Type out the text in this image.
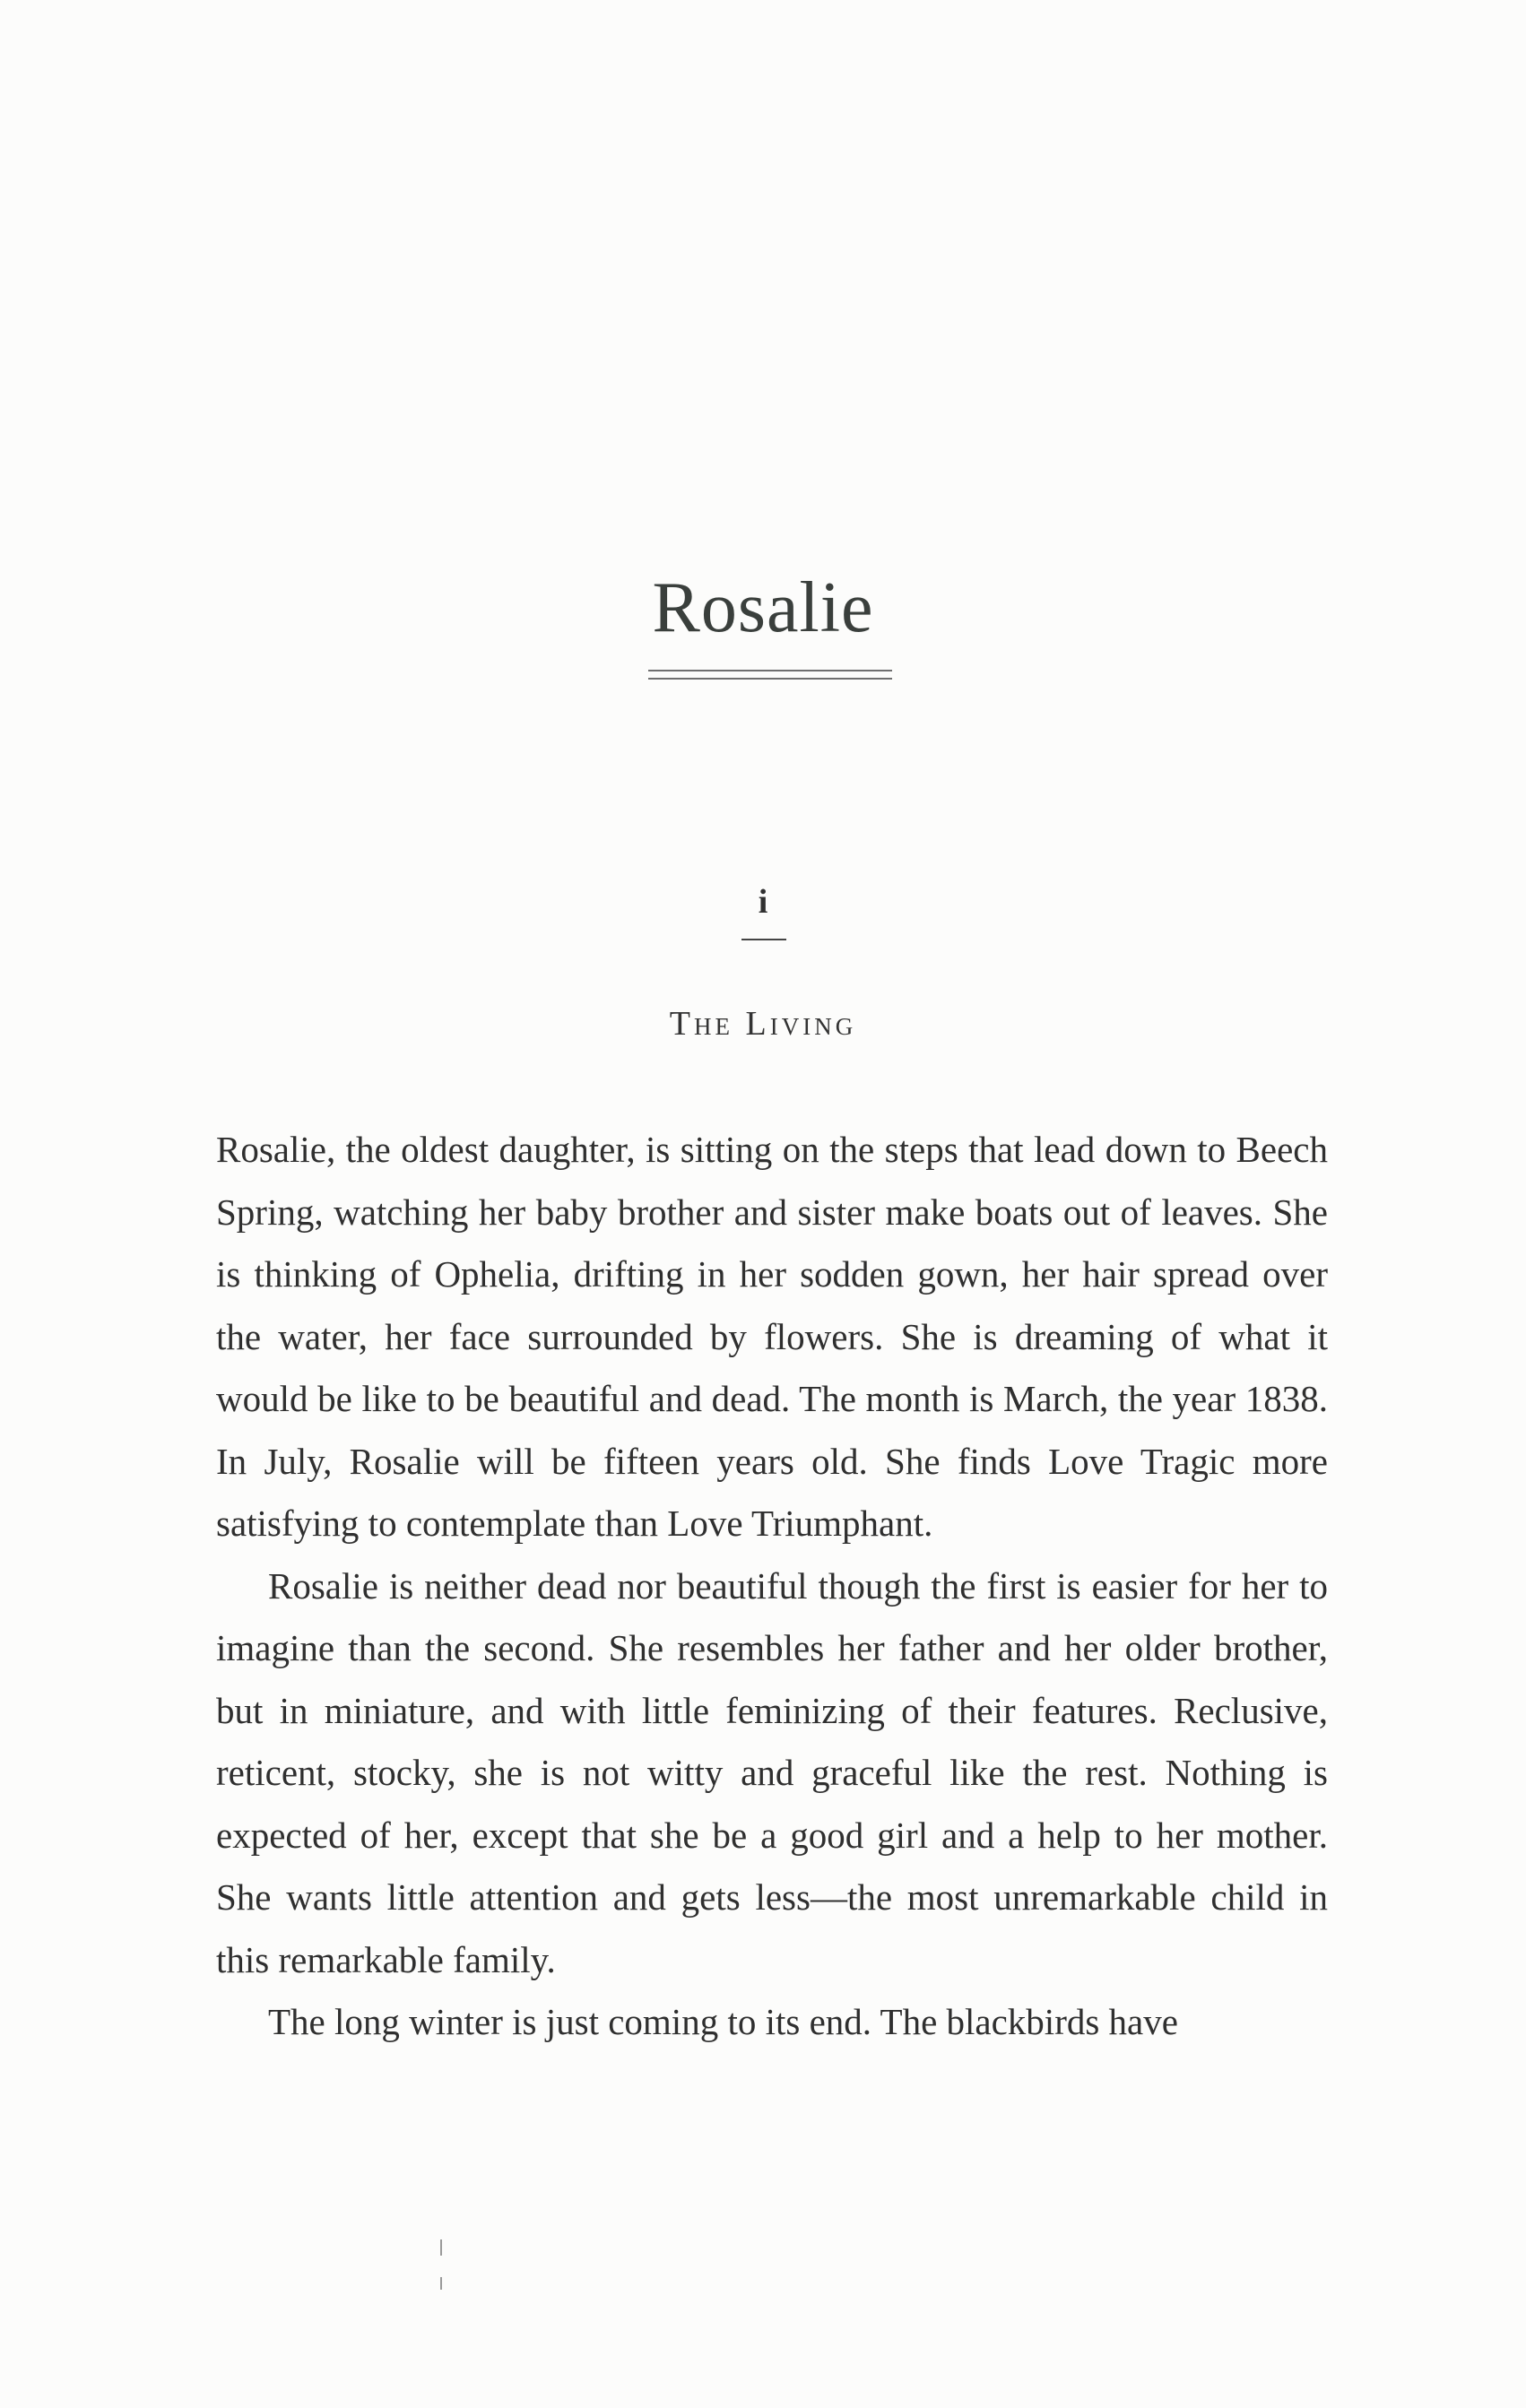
Rosalie
i
The Living

Rosalie, the oldest daughter, is sitting on the steps that lead down to Beech Spring, watching her baby brother and sister make boats out of leaves. She is thinking of Ophelia, drifting in her sodden gown, her hair spread over the water, her face surrounded by flowers. She is dreaming of what it would be like to be beautiful and dead. The month is March, the year 1838. In July, Rosalie will be fifteen years old. She finds Love Tragic more satisfying to contemplate than Love Triumphant.

Rosalie is neither dead nor beautiful though the first is easier for her to imagine than the second. She resembles her father and her older brother, but in miniature, and with little feminizing of their features. Reclusive, reticent, stocky, she is not witty and graceful like the rest. Nothing is expected of her, except that she be a good girl and a help to her mother. She wants little attention and gets less—the most unremarkable child in this remarkable family.

The long winter is just coming to its end. The blackbirds have
